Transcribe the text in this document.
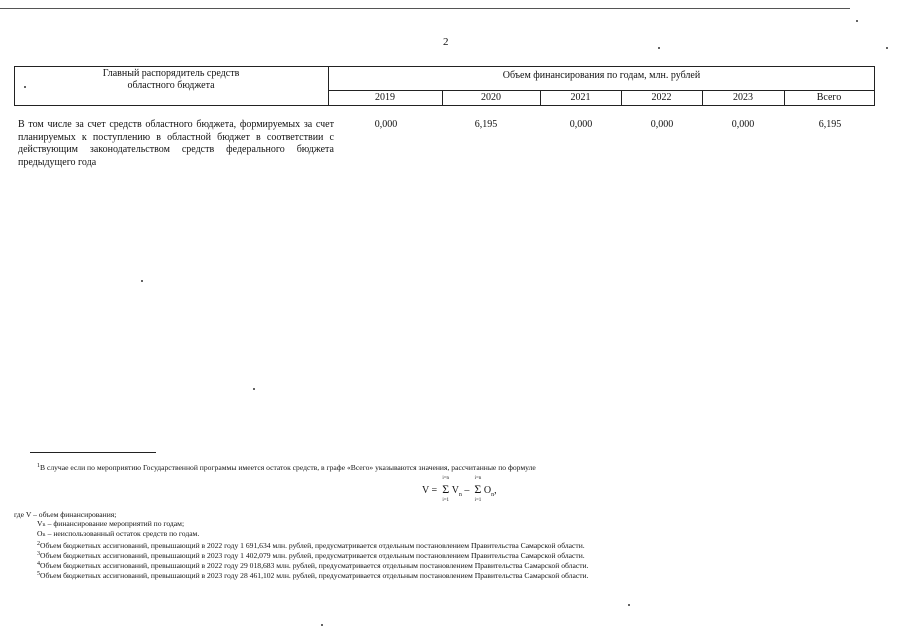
2
Главный распорядитель средств
областного бюджета
Объем финансирования по годам, млн. рублей
2019	2020	2021	2022	2023	Всего
В том числе за счет средств областного бюджета, формируемых за счет планируемых к поступлению в областной бюджет в соответствии с действующим законодательством средств федерального бюджета предыдущего года
0,000	6,195	0,000	0,000	0,000	6,195
$^1$В случае если по мероприятию Государственной программы имеется остаток средств, в графе «Всего» указываются значения, рассчитанные по формуле
V = Σ
i=n
i=1
$V_n$ – Σ
i=n
i=1
$O_n$,
где V – объем финансирования;
Vₙ – финансирование мероприятий по годам;
Oₙ – неиспользованный остаток средств по годам.
$^2$Объем бюджетных ассигнований, превышающий в 2022 году 1 691,634 млн. рублей, предусматривается отдельным постановлением Правительства Самарской области.
$^3$Объем бюджетных ассигнований, превышающий в 2023 году 1 402,079 млн. рублей, предусматривается отдельным постановлением Правительства Самарской области.
$^4$Объем бюджетных ассигнований, превышающий в 2022 году 29 018,683 млн. рублей, предусматривается отдельным постановлением Правительства Самарской области.
$^5$Объем бюджетных ассигнований, превышающий в 2023 году 28 461,102 млн. рублей, предусматривается отдельным постановлением Правительства Самарской области.
